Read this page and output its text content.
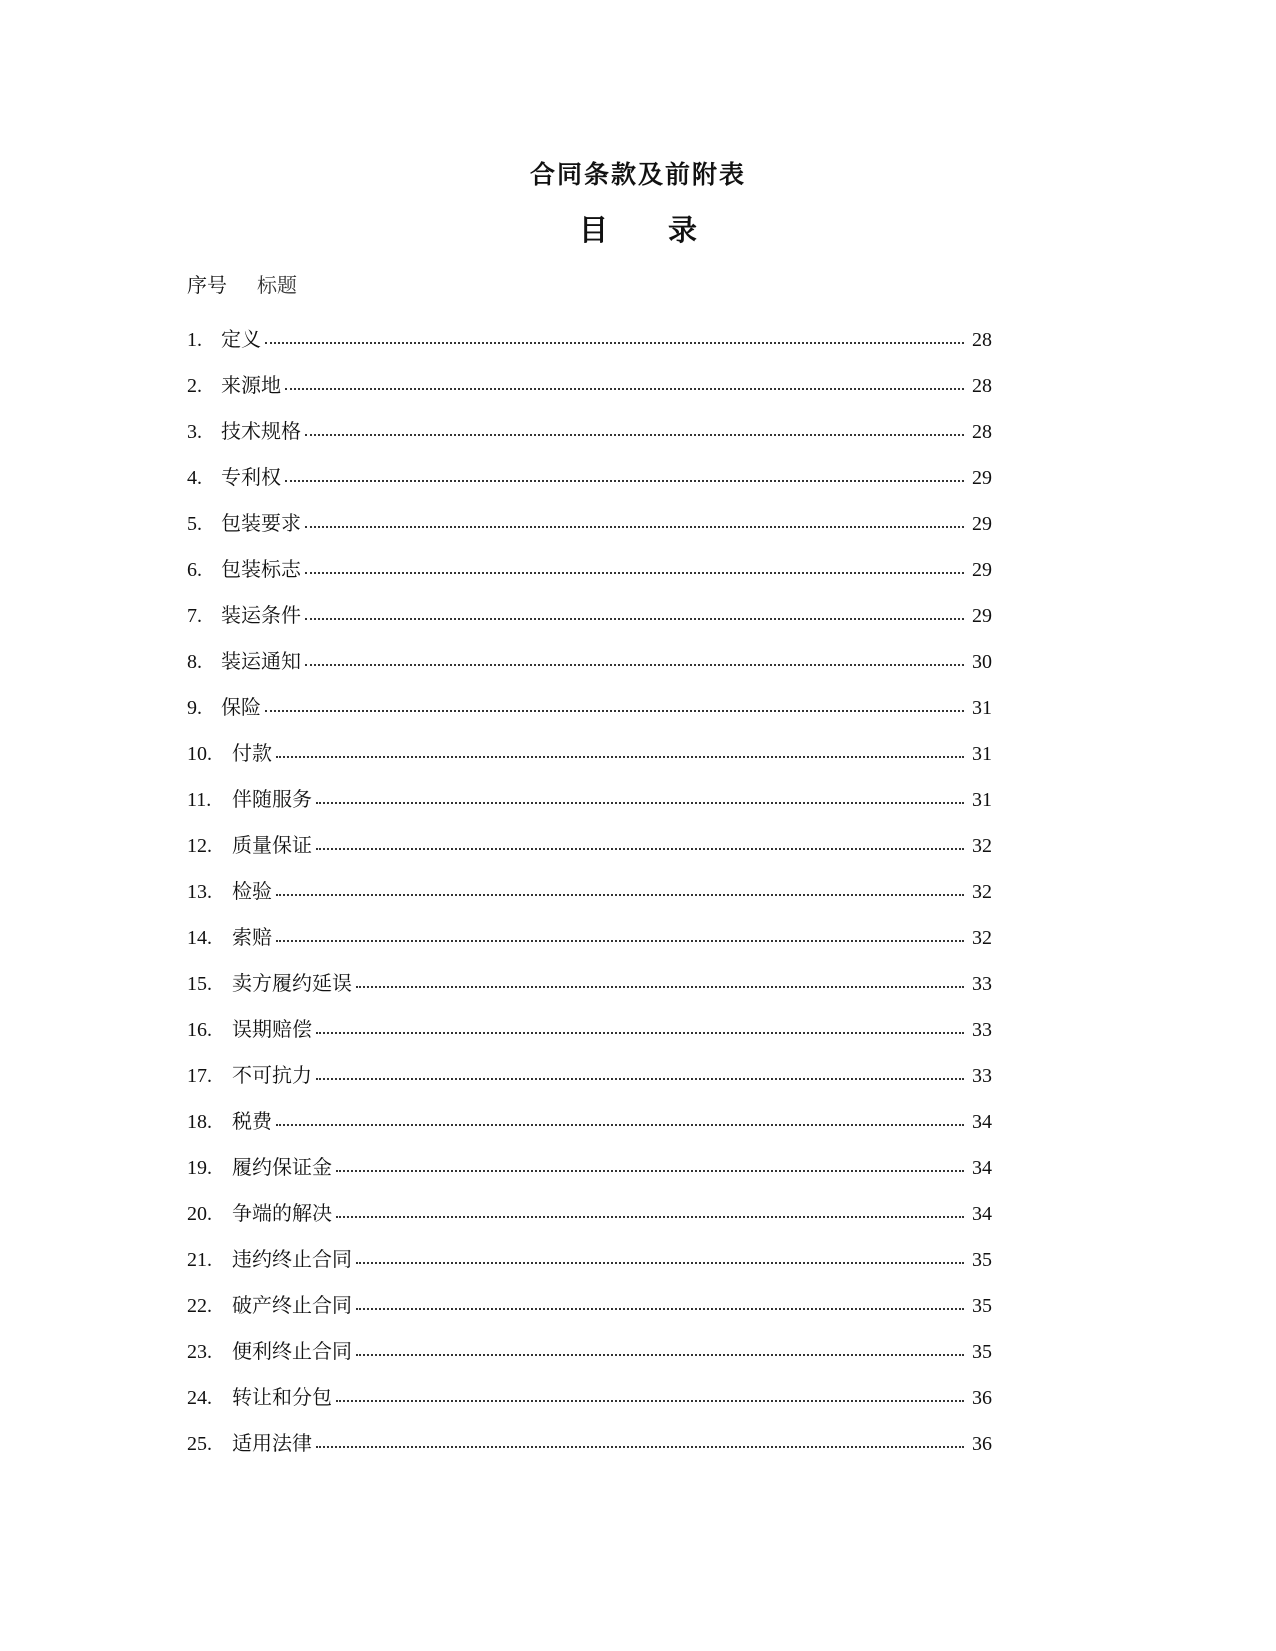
合同条款及前附表
目 录
序号 标题
1. 定义	28
2. 来源地	28
3. 技术规格	28
4. 专利权	29
5. 包装要求	29
6. 包装标志	29
7. 装运条件	29
8. 装运通知	30
9. 保险	31
10.	付款	31
11.	伴随服务	31
12.	质量保证	32
13.	检验	32
14.	索赔	32
15.	卖方履约延误	33
16.	误期赔偿	33
17.	不可抗力	33
18.	税费	34
19.	履约保证金	34
20.	争端的解决	34
21.	违约终止合同	35
22.	破产终止合同	35
23.	便利终止合同	35
24.	转让和分包	36
25.	适用法律	36
